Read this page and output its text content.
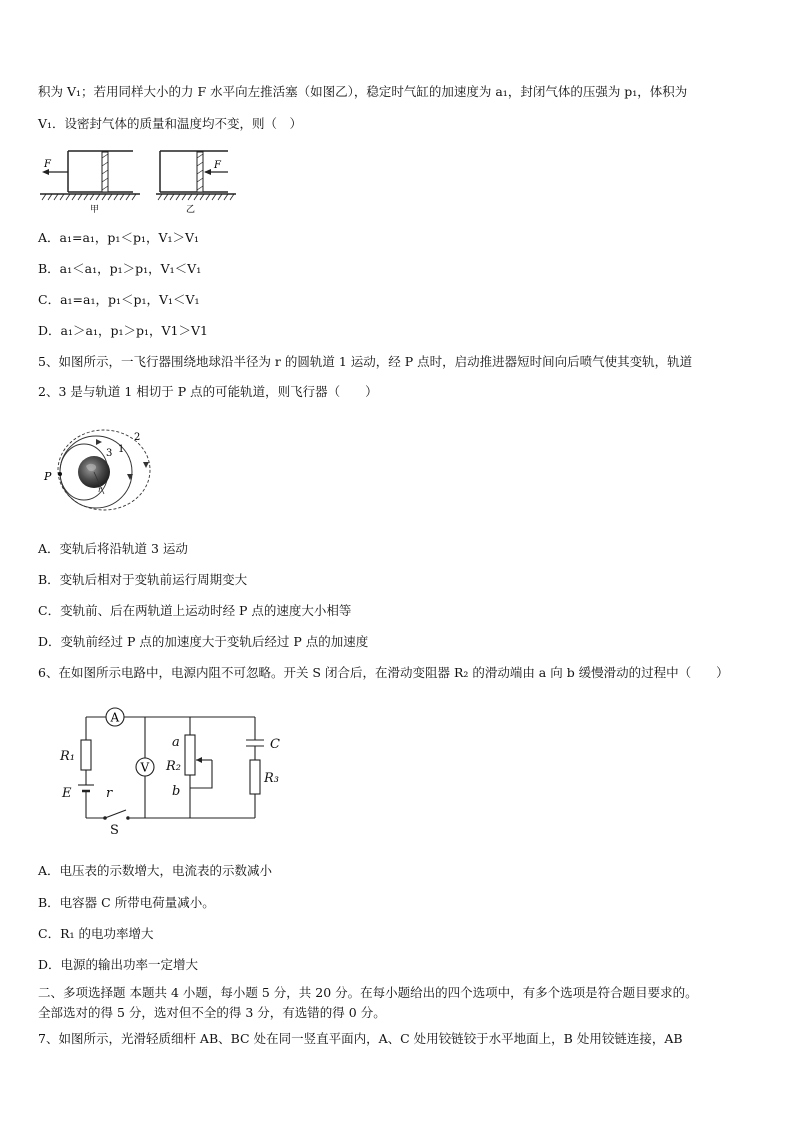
积为 V₁；若用同样大小的力 F 水平向左推活塞（如图乙），稳定时气缸的加速度为 a₁，封闭气体的压强为 p₁，体积为
V₁．设密封气体的质量和温度均不变，则（　）
F	F
甲	乙
A．a₁=a₁，p₁＜p₁，V₁＞V₁
B．a₁＜a₁，p₁＞p₁，V₁＜V₁
C．a₁=a₁，p₁＜p₁，V₁＜V₁
D．a₁＞a₁，p₁＞p₁，V1＞V1
5、如图所示，一飞行器围绕地球沿半径为 r 的圆轨道 1 运动，经 P 点时，启动推进器短时间向后喷气使其变轨，轨道
2、3 是与轨道 1 相切于 P 点的可能轨道，则飞行器（　　）
P
2
1
3
r
A．变轨后将沿轨道 3 运动
B．变轨后相对于变轨前运行周期变大
C．变轨前、后在两轨道上运动时经 P 点的速度大小相等
D．变轨前经过 P 点的加速度大于变轨后经过 P 点的加速度
6、在如图所示电路中，电源内阻不可忽略。开关 S 闭合后，在滑动变阻器 R₂ 的滑动端由 a 向 b 缓慢滑动的过程中（　　）
A
V
R₁
E	r
S
a
R₂
b
C
R₃
A．电压表的示数增大，电流表的示数减小
B．电容器 C 所带电荷量减小。
C．R₁ 的电功率增大
D．电源的输出功率一定增大
二、多项选择题 本题共 4 小题，每小题 5 分，共 20 分。在每小题给出的四个选项中，有多个选项是符合题目要求的。
全部选对的得 5 分，选对但不全的得 3 分，有选错的得 0 分。
7、如图所示，光滑轻质细杆 AB、BC 处在同一竖直平面内，A、C 处用铰链铰于水平地面上，B 处用铰链连接，AB
